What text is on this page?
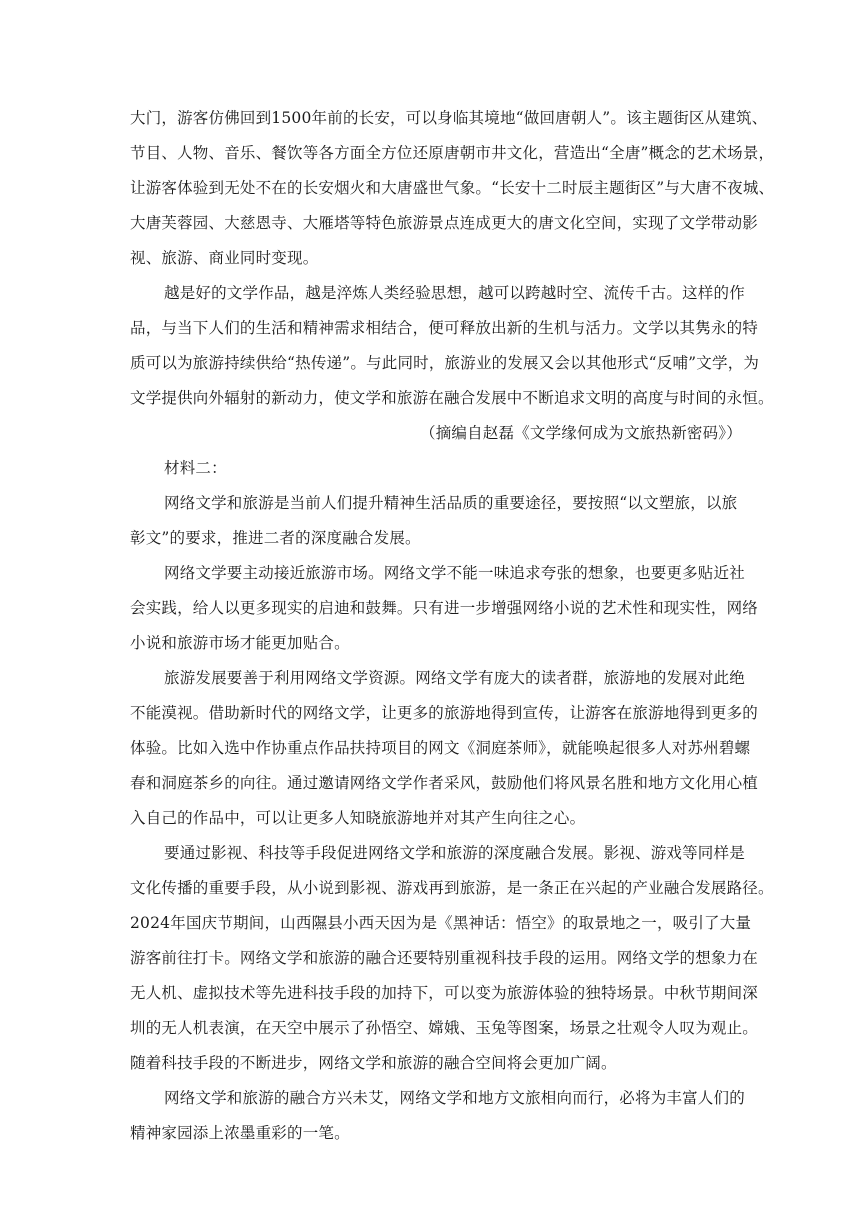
大门，游客仿佛回到1500年前的长安，可以身临其境地“做回唐朝人”。该主题街区从建筑、
节目、人物、音乐、餐饮等各方面全方位还原唐朝市井文化，营造出“全唐”概念的艺术场景，
让游客体验到无处不在的长安烟火和大唐盛世气象。“长安十二时辰主题街区”与大唐不夜城、
大唐芙蓉园、大慈恩寺、大雁塔等特色旅游景点连成更大的唐文化空间，实现了文学带动影
视、旅游、商业同时变现。
越是好的文学作品，越是淬炼人类经验思想，越可以跨越时空、流传千古。这样的作
品，与当下人们的生活和精神需求相结合，便可释放出新的生机与活力。文学以其隽永的特
质可以为旅游持续供给“热传递”。与此同时，旅游业的发展又会以其他形式“反哺”文学，为
文学提供向外辐射的新动力，使文学和旅游在融合发展中不断追求文明的高度与时间的永恒。
（摘编自赵磊《文学缘何成为文旅热新密码》）
材料二：
网络文学和旅游是当前人们提升精神生活品质的重要途径，要按照“以文塑旅，以旅
彰文”的要求，推进二者的深度融合发展。
网络文学要主动接近旅游市场。网络文学不能一味追求夸张的想象，也要更多贴近社
会实践，给人以更多现实的启迪和鼓舞。只有进一步增强网络小说的艺术性和现实性，网络
小说和旅游市场才能更加贴合。
旅游发展要善于利用网络文学资源。网络文学有庞大的读者群，旅游地的发展对此绝
不能漠视。借助新时代的网络文学，让更多的旅游地得到宣传，让游客在旅游地得到更多的
体验。比如入选中作协重点作品扶持项目的网文《洞庭茶师》，就能唤起很多人对苏州碧螺
春和洞庭茶乡的向往。通过邀请网络文学作者采风，鼓励他们将风景名胜和地方文化用心植
入自己的作品中，可以让更多人知晓旅游地并对其产生向往之心。
要通过影视、科技等手段促进网络文学和旅游的深度融合发展。影视、游戏等同样是
文化传播的重要手段，从小说到影视、游戏再到旅游，是一条正在兴起的产业融合发展路径。
2024年国庆节期间，山西隰县小西天因为是《黑神话：悟空》的取景地之一，吸引了大量
游客前往打卡。网络文学和旅游的融合还要特别重视科技手段的运用。网络文学的想象力在
无人机、虚拟技术等先进科技手段的加持下，可以变为旅游体验的独特场景。中秋节期间深
圳的无人机表演，在天空中展示了孙悟空、嫦娥、玉兔等图案，场景之壮观令人叹为观止。
随着科技手段的不断进步，网络文学和旅游的融合空间将会更加广阔。
网络文学和旅游的融合方兴未艾，网络文学和地方文旅相向而行，必将为丰富人们的
精神家园添上浓墨重彩的一笔。
